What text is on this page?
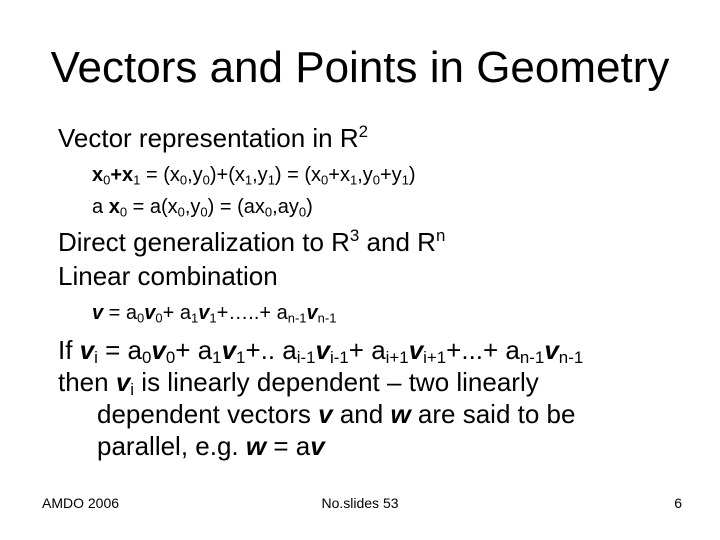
Vectors and Points in Geometry
Vector representation in $R^2$
$x_0+x_1 = (x_0,y_0)+(x_1,y_1) = (x_0+x_1,y_0+y_1)$
a $x_0 = a(x_0,y_0) = (ax_0,ay_0)$
Direct generalization to $R^3$ and $R^n$
Linear combination
$v = a_0v_0+$ $a_1v_1+\dots..+ a_{n-1}v_{n-1}$
If $v_i = a_0v_0+ a_1v_1+$.. $a_{i-1}v_{i-1}+ a_{i+1}v_{i+1}+...+ a_{n-1}v_{n-1}$
then $v_i$ is linearly dependent – two linearly
dependent vectors v and w are said to be
parallel, e.g. w = av
AMDO 2006	No.slides 53	6
